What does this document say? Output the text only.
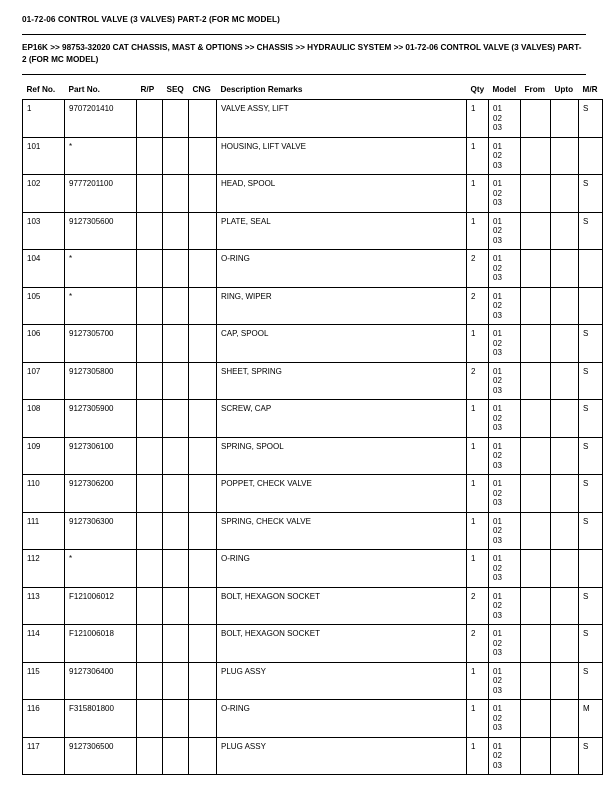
01-72-06 CONTROL VALVE (3 VALVES) PART-2 (FOR MC MODEL)
EP16K >> 98753-32020 CAT CHASSIS, MAST & OPTIONS >> CHASSIS >> HYDRAULIC SYSTEM >> 01-72-06 CONTROL VALVE (3 VALVES) PART-2 (FOR MC MODEL)
Ref No.	Part No.	R/P	SEQ	CNG	Description Remarks	Qty	Model	From	Upto	M/R

1	9707201410				VALVE ASSY, LIFT	1	01
02
03			S
101	*				HOUSING, LIFT VALVE	1	01
02
03			

102	9777201100				HEAD, SPOOL	1	01
02
03			S
103	9127305600				PLATE, SEAL	1	01
02
03			S
104	*				O-RING	2	01
02
03			

105	*				RING, WIPER	2	01
02
03			

106	9127305700				CAP, SPOOL	1	01
02
03			S
107	9127305800				SHEET, SPRING	2	01
02
03			S
108	9127305900				SCREW, CAP	1	01
02
03			S
109	9127306100				SPRING, SPOOL	1	01
02
03			S
110	9127306200				POPPET, CHECK VALVE	1	01
02
03			S
111	9127306300				SPRING, CHECK VALVE	1	01
02
03			S
112	*				O-RING	1	01
02
03			

113	F121006012				BOLT, HEXAGON SOCKET	2	01
02
03			S
114	F121006018				BOLT, HEXAGON SOCKET	2	01
02
03			S
115	9127306400				PLUG ASSY	1	01
02
03			S
116	F315801800				O-RING	1	01
02
03			M
117	9127306500				PLUG ASSY	1	01
02
03			S
